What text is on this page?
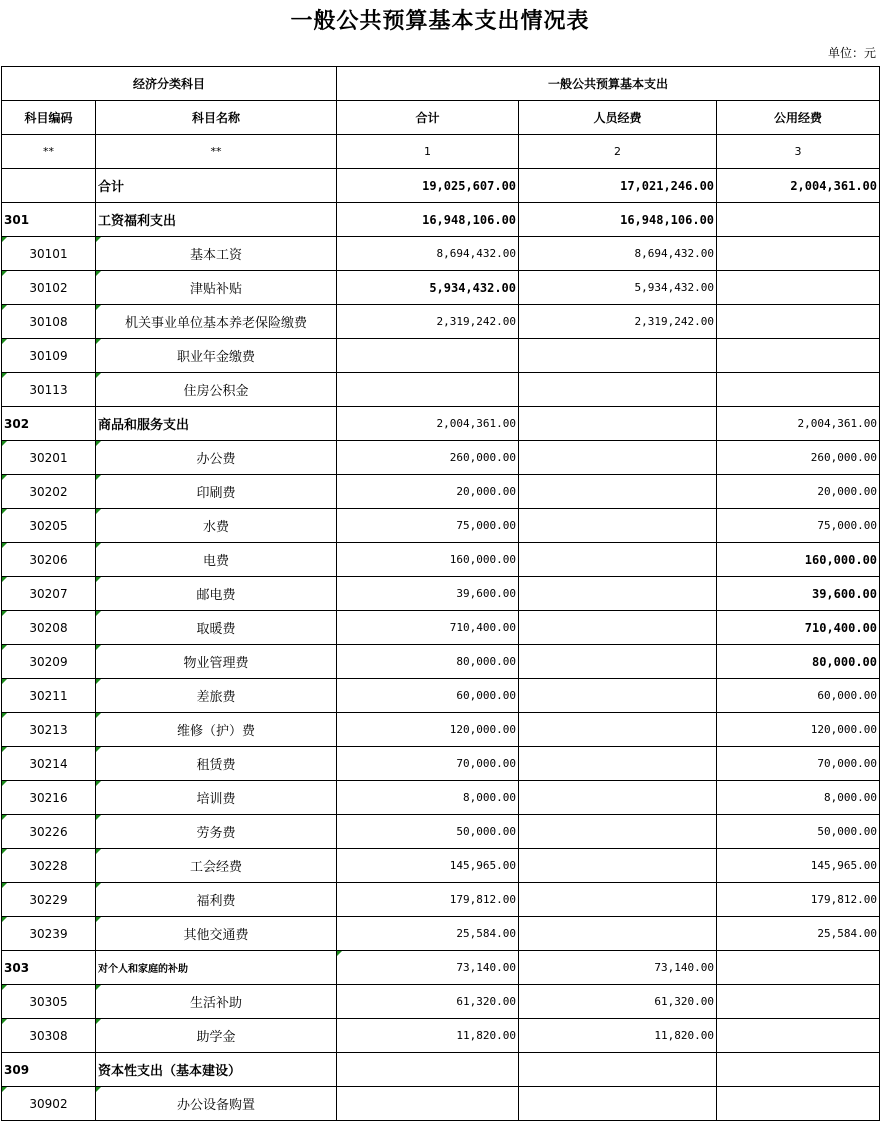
一般公共预算基本支出情况表
单位：元
经济分类科目		一般公共预算基本支出		
科目编码	科目名称	合计	人员经费	公用经费
**	**	1	2	3
	合计	19,025,607.00	17,021,246.00	2,004,361.00
301	工资福利支出	16,948,106.00	16,948,106.00	

30101	基本工资	8,694,432.00	8,694,432.00	

30102	津贴补贴	5,934,432.00	5,934,432.00	

30108	机关事业单位基本养老保险缴费	2,319,242.00	2,319,242.00	

30109	职业年金缴费			

30113	住房公积金			
302	商品和服务支出	2,004,361.00		2,004,361.00

30201	办公费	260,000.00		260,000.00

30202	印刷费	20,000.00		20,000.00

30205	水费	75,000.00		75,000.00

30206	电费	160,000.00		160,000.00

30207	邮电费	39,600.00		39,600.00

30208	取暖费	710,400.00		710,400.00

30209	物业管理费	80,000.00		80,000.00

30211	差旅费	60,000.00		60,000.00

30213	维修（护）费	120,000.00		120,000.00

30214	租赁费	70,000.00		70,000.00

30216	培训费	8,000.00		8,000.00

30226	劳务费	50,000.00		50,000.00

30228	工会经费	145,965.00		145,965.00

30229	福利费	179,812.00		179,812.00

30239	其他交通费	25,584.00		25,584.00
303	对个人和家庭的补助	73,140.00	73,140.00	

30305	生活补助	61,320.00	61,320.00	

30308	助学金	11,820.00	11,820.00	
309	资本性支出（基本建设）			

30902	办公设备购置			
